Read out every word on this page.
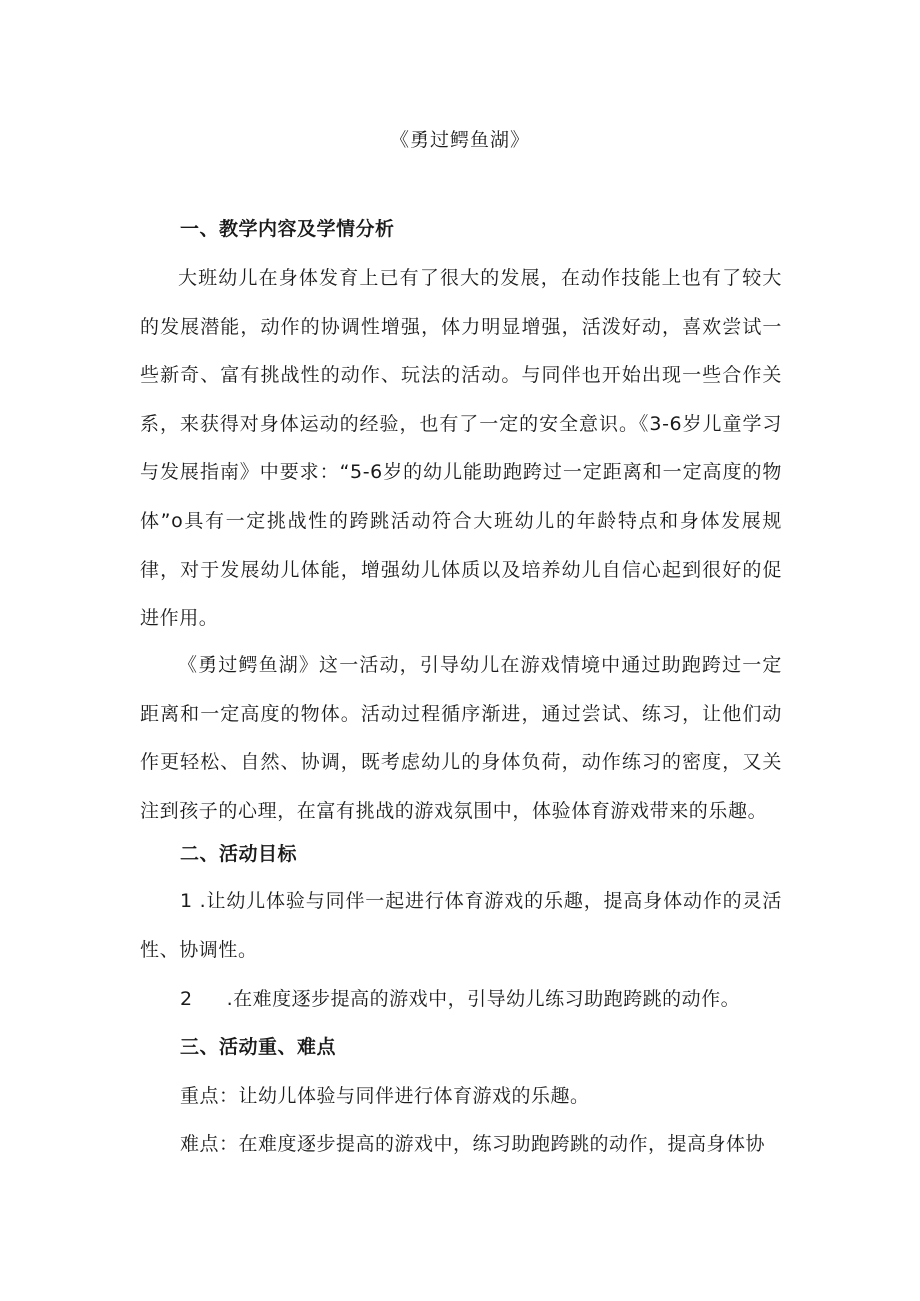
《勇过鳄鱼湖》
一、教学内容及学情分析

大班幼儿在身体发育上已有了很大的发展，在动作技能上也有了较大的发展潜能，动作的协调性增强，体力明显增强，活泼好动，喜欢尝试一些新奇、富有挑战性的动作、玩法的活动。与同伴也开始出现一些合作关系，来获得对身体运动的经验，也有了一定的安全意识。《3-6岁儿童学习与发展指南》中要求：“5-6岁的幼儿能助跑跨过一定距离和一定高度的物体”o具有一定挑战性的跨跳活动符合大班幼儿的年龄特点和身体发展规律，对于发展幼儿体能，增强幼儿体质以及培养幼儿自信心起到很好的促进作用。

《勇过鳄鱼湖》这一活动，引导幼儿在游戏情境中通过助跑跨过一定距离和一定高度的物体。活动过程循序渐进，通过尝试、练习，让他们动作更轻松、自然、协调，既考虑幼儿的身体负荷，动作练习的密度，又关注到孩子的心理，在富有挑战的游戏氛围中，体验体育游戏带来的乐趣。

二、活动目标

1 .让幼儿体验与同伴一起进行体育游戏的乐趣，提高身体动作的灵活性、协调性。

2 .在难度逐步提高的游戏中，引导幼儿练习助跑跨跳的动作。
三、活动重、难点
重点：让幼儿体验与同伴进行体育游戏的乐趣。
难点：在难度逐步提高的游戏中，练习助跑跨跳的动作，提高身体协
